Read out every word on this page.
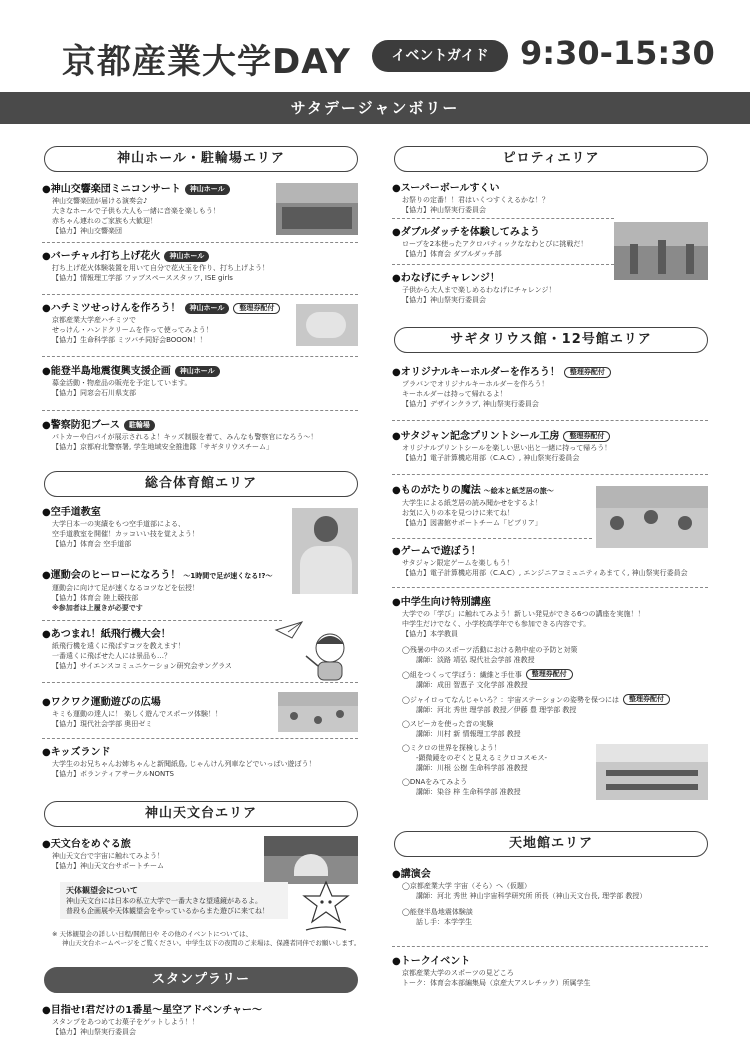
京都産業大学DAY	イベントガイド 9:30-15:30
サタデージャンボリー
神山ホール・駐輪場エリア
●神山交響楽団ミニコンサート 神山ホール
神山交響楽団が届ける演奏会♪
大きなホールで子供も大人も一緒に音楽を楽しもう！
赤ちゃん連れのご家族も大歓迎！
【協力】神山交響楽団
●バーチャル打ち上げ花火 神山ホール
打ち上げ花火体験装置を用いて自分で花火玉を作り、打ち上げよう！
【協力】情報理工学部 ファブスペーススタッフ, ISE girls
●ハチミツせっけんを作ろう！ 神山ホール 整理券配付
京都産業大学産ハチミツで
せっけん・ハンドクリームを作って使ってみよう！
【協力】生命科学部 ミツバチ同好会BOOON！！
●能登半島地震復興支援企画 神山ホール
募金活動・物産品の販売を予定しています。
【協力】同窓会石川県支部
●警察防犯ブース 駐輪場
パトカーや白バイが展示されるよ！キッズ制服を着て、みんなも警察官になろう～！
【協力】京都府北警察署, 学生地域安全推進隊「サギタリウスチーム」
総合体育館エリア
●空手道教室
大学日本一の実績をもつ空手道部による、
空手道教室を開催！カッコいい技を覚えよう！
【協力】体育会 空手道部
●運動会のヒーローになろう！ ～1時間で足が速くなる!?～
運動会に向けて足が速くなるコツなどを伝授！
【協力】体育会 陸上競技部
※参加者は上履きが必要です
●あつまれ！紙飛行機大会！
紙飛行機を遠くに飛ばすコツを教えます！
一番遠くに飛ばせた人には景品も…？
【協力】サイエンスコミュニケーション研究会サングラス
●ワクワク運動遊びの広場
キミも運動の達人に！ 楽しく遊んでスポーツ体験！！
【協力】現代社会学部 奥田ゼミ
●キッズランド
大学生のお兄ちゃんお姉ちゃんと新聞紙島, じゃんけん列車などでいっぱい遊ぼう！
【協力】ボランティアサークルNONTS
神山天文台エリア
●天文台をめぐる旅
神山天文台で宇宙に触れてみよう！
【協力】神山天文台サポートチーム
天体観望会について
神山天文台には日本の私立大学で一番大きな望遠鏡があるよ。
普段も企画展や天体観望会をやっているからまた遊びに来てね！
※ 天体観望会の詳しい日程/開館日や その他のイベントについては、
神山天文台ホームページをご覧ください。中学生以下の夜間のご来場は、保護者同伴でお願いします。
スタンプラリー
●目指せ!君だけの1番星～星空アドベンチャー～
スタンプをあつめてお菓子をゲットしよう！！
【協力】神山祭実行委員会
ピロティエリア
●スーパーボールすくい
お祭りの定番！！君はいくつすくえるかな！？
【協力】神山祭実行委員会
●ダブルダッチを体験してみよう
ロープを2本使ったアクロバティックななわとびに挑戦だ！
【協力】体育会 ダブルダッチ部
●わなげにチャレンジ！
子供から大人まで楽しめるわなげにチャレンジ！
【協力】神山祭実行委員会
サギタリウス館・12号館エリア
●オリジナルキーホルダーを作ろう！ 整理券配付
プラバンでオリジナルキーホルダーを作ろう！
キーホルダーは持って帰れるよ！
【協力】デザインクラブ, 神山祭実行委員会
●サタジャン記念プリントシール工房 整理券配付
オリジナルプリントシールを楽しい思い出と一緒に持って帰ろう！
【協力】電子計算機応用部（C.A.C）, 神山祭実行委員会
●ものがたりの魔法 ～絵本と紙芝居の旅～
大学生による紙芝居の読み聞かせをするよ！
お気に入りの本を見つけに来てね！
【協力】図書館サポートチーム「ビブリア」
●ゲームで遊ぼう！
サタジャン限定ゲームを楽しもう！
【協力】電子計算機応用部（C.A.C）, エンジニアコミュニティあまてく, 神山祭実行委員会
●中学生向け特別講座
大学での「学び」に触れてみよう！新しい発見ができる6つの講座を実施！！
中学生だけでなく、小学校高学年でも参加できる内容です。
【協力】本学教員
◯残暑の中のスポーツ活動における熱中症の予防と対策
講師：淡路 靖弘 現代社会学部 准教授
◯組をつくって学ぼう：繊維と手仕事 整理券配付
講師：成田 智恵子 文化学部 准教授
◯ジャイロってなんじゃいろ？：宇宙ステーションの姿勢を保つには 整理券配付
講師：河北 秀世 理学部 教授／伊藤 豊 理学部 教授
◯スピーカを使った音の実験
講師：川村 新 情報理工学部 教授
◯ミクロの世界を探検しよう！
-顕微鏡をのぞくと見えるミクロコスモス-
講師：川根 公樹 生命科学部 准教授
◯DNAをみてみよう
講師：染谷 梓 生命科学部 准教授
天地館エリア
●講演会
◯京都産業大学 宇宙（そら）へ（仮題）
講師：河北 秀世 神山宇宙科学研究所 所長（神山天文台長, 理学部 教授）
◯能登半島地震体験談
話し手：本学学生
●トークイベント
京都産業大学のスポーツの見どころ
トーク：体育会本部編集局（京産大アスレチック）所属学生
